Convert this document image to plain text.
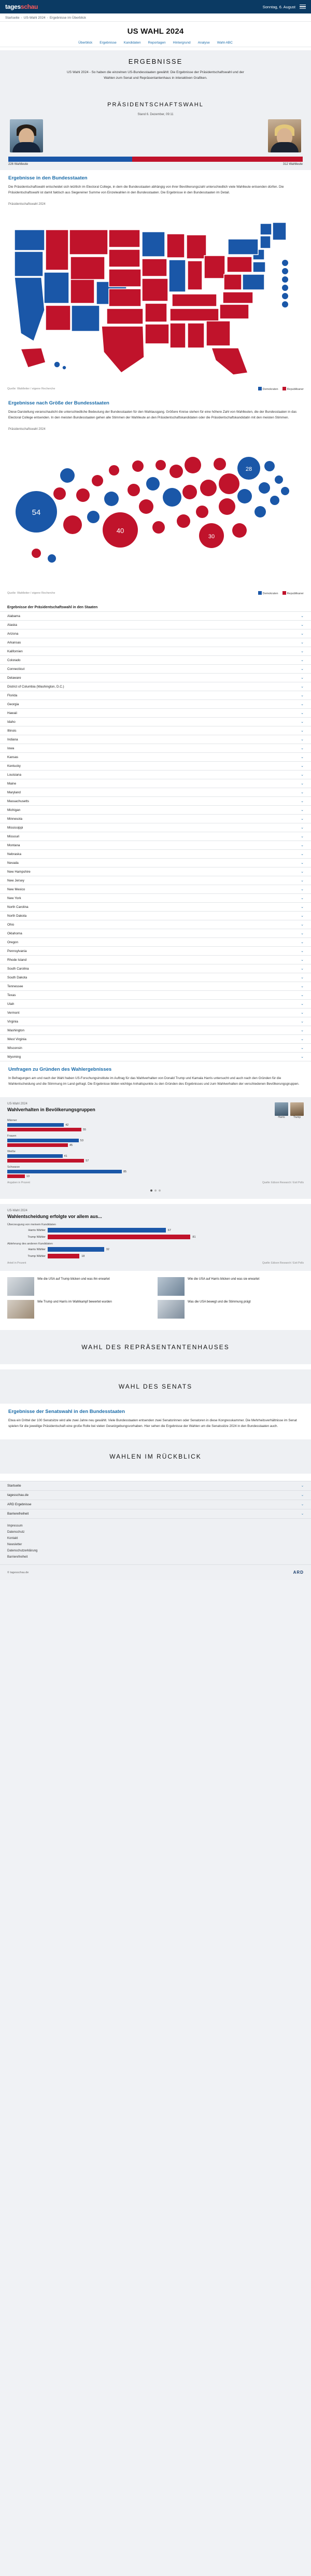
tagesschau	Sonntag, 6. August
Startseite › US-Wahl 2024 › Ergebnisse im Überblick
US WAHL 2024
Überblick Ergebnisse Kandidaten Reportagen Hintergrund Analyse Wahl-ABC
ERGEBNISSE

US Wahl 2024 - So haben die einzelnen US-Bundesstaaten gewählt: Die Ergebnisse der Präsidentschaftswahl und der Wahlen zum Senat und Repräsentantenhaus in interaktiven Grafiken.

PRÄSIDENTSCHAFTSWAHL
Stand 6. Dezember, 09:11
226 Wahlleute	312 Wahlleute
Ergebnisse in den Bundesstaaten

Die Präsidentschaftswahl entscheidet sich letztlich im Electoral College, in dem die Bundesstaaten abhängig von ihrer Bevölkerungszahl unterschiedlich viele Wahlleute entsenden dürfen. Die Präsidentschaftswahl ist damit faktisch aus Siegereiner Summe von Einzelwahlen in den Bundesstaaten. Die Ergebnisse in den Bundesstaaten im Detail.

Präsidentschaftswahl 2024
Quelle: Wahlleiter / eigene Recherche	Demokraten	Republikaner
Ergebnisse nach Größe der Bundesstaaten

Diese Darstellung veranschaulicht die unterschiedliche Bedeutung der Bundesstaaten für den Wahlausgang. Größere Kreise stehen für eine höhere Zahl von Wahlleuten, die der Bundesstaaten in das Electoral College entsenden. In den meisten Bundesstaaten gehen alle Stimmen der Wahlleute an den Präsidentschaftskandidaten oder die Präsidentschaftskandidatin mit den meisten Stimmen.

Präsidentschaftswahl 2024
54
40
30
28
Quelle: Wahlleiter / eigene Recherche	Demokraten	Republikaner
Ergebnisse der Präsidentschaftswahl in den Staaten
Alabama	⌄
Alaska	⌄
Arizona	⌄
Arkansas	⌄
Kalifornien	⌄
Colorado	⌄
Connecticut	⌄
Delaware	⌄
District of Columbia (Washington, D.C.)	⌄
Florida	⌄
Georgia	⌄
Hawaii	⌄
Idaho	⌄
Illinois	⌄
Indiana	⌄
Iowa	⌄
Kansas	⌄
Kentucky	⌄
Louisiana	⌄
Maine	⌄
Maryland	⌄
Massachusetts	⌄
Michigan	⌄
Minnesota	⌄
Mississippi	⌄
Missouri	⌄
Montana	⌄
Nebraska	⌄
Nevada	⌄
New Hampshire	⌄
New Jersey	⌄
New Mexico	⌄
New York	⌄
North Carolina	⌄
North Dakota	⌄
Ohio	⌄
Oklahoma	⌄
Oregon	⌄
Pennsylvania	⌄
Rhode Island	⌄
South Carolina	⌄
South Dakota	⌄
Tennessee	⌄
Texas	⌄
Utah	⌄
Vermont	⌄
Virginia	⌄
Washington	⌄
West Virginia	⌄
Wisconsin	⌄
Wyoming	⌄
Umfragen zu Gründen des Wahlergebnisses

In Befragungen am und nach der Wahl haben US-Forschungsinstitute im Auftrag für das Wahlverhalten von Donald Trump und Kamala Harris untersucht und auch nach den Gründen für die Wahlentscheidung und die Stimmung im Land gefragt. Die Ergebnisse bilden wichtige Anhaltspunkte zu den Gründen des Ergebnisses und zum Wahlverhalten der verschiedenen Bevölkerungsgruppen.

US-Wahl 2024
Wahlverhalten in Bevölkerungsgruppen
Harris	Trump
Männer
42
55
Frauen
53
45
Weiße
41
57
Schwarze
85
13
Angaben in Prozent	Quelle: Edison Research / Exit Polls
US-Wahl 2024
Wahlentscheidung erfolgte vor allem aus...
Überzeugung von meinem Kandidaten
Harris Wähler	67
Trump Wähler	81
Ablehnung des anderen Kandidaten
Harris Wähler	32
Trump Wähler	18
Anteil in Prozent	Quelle: Edison Research / Exit Polls
Wie die USA auf Trump blicken und was ihn erwartet	Wie die USA auf Harris blicken und was sie erwartet
Wie Trump und Harris im Wahlkampf bewertet wurden	Was die USA bewegt und die Stimmung prägt
WAHL DES REPRÄSENTANTENHAUSES
WAHL DES SENATS
Ergebnisse der Senatswahl in den Bundesstaaten

Etwa ein Drittel der 100 Senatsitze wird alle zwei Jahre neu gewählt. Viele Bundesstaaten entsenden zwei Senatorinnen oder Senatoren in diese Kongresskammer. Die Mehrheitsverhältnisse im Senat spielen für die jeweilige Präsidentschaft eine große Rolle bei vielen Gesetzgebungsvorhaben. Hier sehen die Ergebnisse der Wahlen um die Senatssitze 2024 in den Bundesstaaten auch.

WAHLEN IM RÜCKBLICK
Startseite	⌄
tagesschau.de	⌄
ARD Ergebnisse	⌄
Barrierefreiheit	⌄
Impressum
Datenschutz
Kontakt
Newsletter
Datenschutzerklärung
Barrierefreiheit
© tagesschau.de	ARD
